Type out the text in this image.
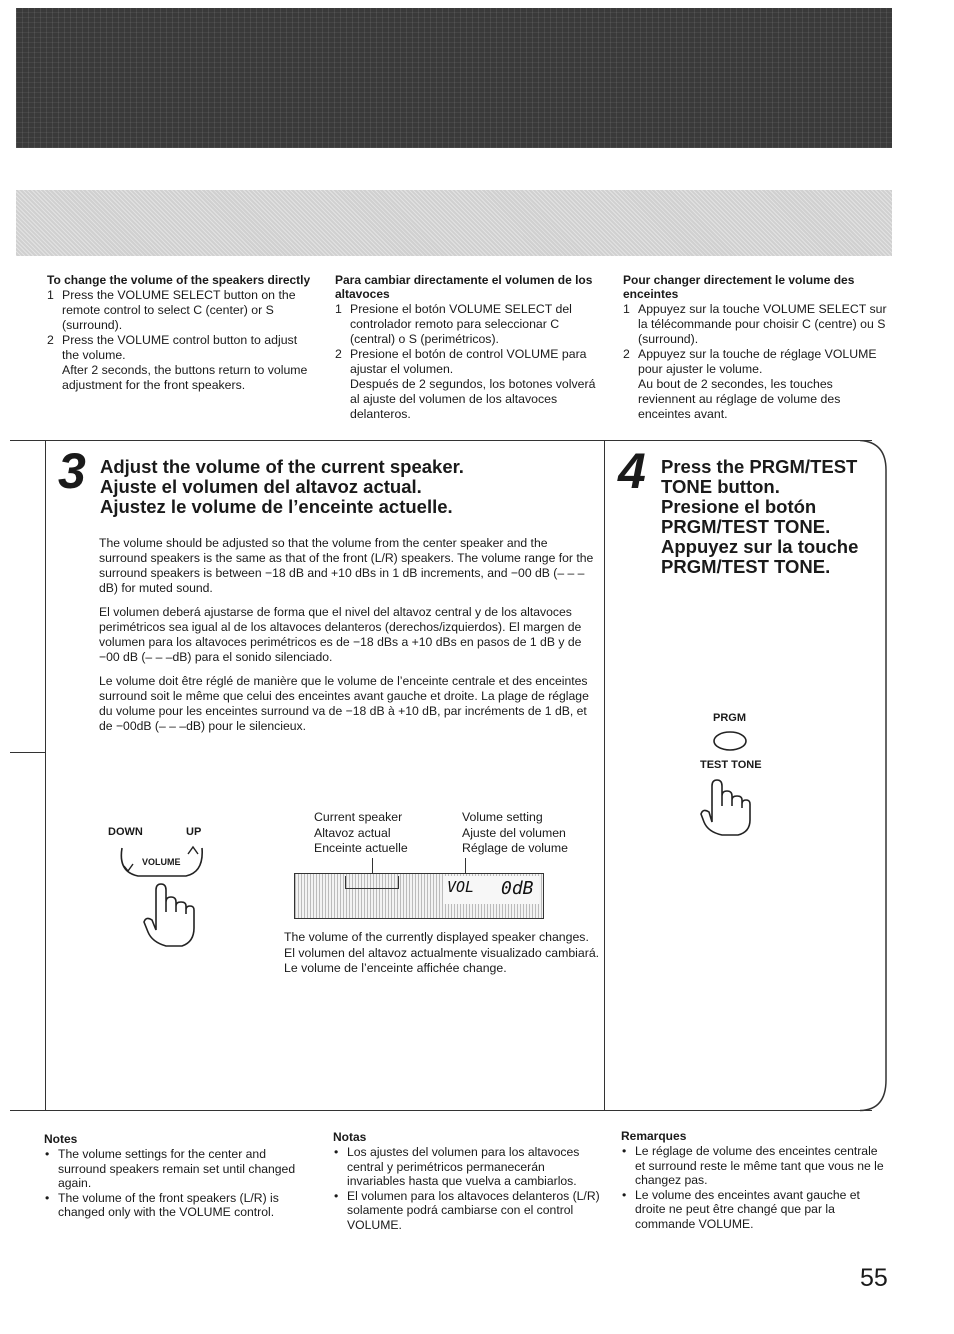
To change the volume of the speakers directly
1 Press the VOLUME SELECT button on the remote control to select C (center) or S (surround).
2 Press the VOLUME control button to adjust the volume.
After 2 seconds, the buttons return to volume adjustment for the front speakers.
Para cambiar directamente el volumen de los altavoces
1 Presione el botón VOLUME SELECT del controlador remoto para seleccionar C (central) o S (perimétricos).
2 Presione el botón de control VOLUME para ajustar el volumen.
Después de 2 segundos, los botones volverá al ajuste del volumen de los altavoces delanteros.
Pour changer directement le volume des enceintes
1 Appuyez sur la touche VOLUME SELECT sur la télécommande pour choisir C (centre) ou S (surround).
2 Appuyez sur la touche de réglage VOLUME pour ajuster le volume.
Au bout de 2 secondes, les touches reviennent au réglage de volume des enceintes avant.
3 Adjust the volume of the current speaker.
Ajuste el volumen del altavoz actual.
Ajustez le volume de l’enceinte actuelle.

The volume should be adjusted so that the volume from the center speaker and the surround speakers is the same as that of the front (L/R) speakers. The volume range for the surround speakers is between −18 dB and +10 dBs in 1 dB increments, and −00 dB (– – –dB) for muted sound.

El volumen deberá ajustarse de forma que el nivel del altavoz central y de los altavoces perimétricos sea igual al de los altavoces delanteros (derechos/izquierdos). El margen de volumen para los altavoces perimétricos es de −18 dBs a +10 dBs en pasos de 1 dB y de −00 dB (– – –dB) para el sonido silenciado.

Le volume doit être réglé de manière que le volume de l’enceinte centrale et des enceintes surround soit le même que celui des enceintes avant gauche et droite. La plage de réglage du volume pour les enceintes surround va de −18 dB à +10 dB, par incréments de 1 dB, et de −00dB (– – –dB) pour le silencieux.

DOWN	UP
VOLUME
Current speaker
Altavoz actual
Enceinte actuelle
Volume setting
Ajuste del volumen
Réglage de volume
VOL 0dB
The volume of the currently displayed speaker changes.
El volumen del altavoz actualmente visualizado cambiará.
Le volume de l’enceinte affichée change.
4 Press the PRGM/TEST TONE button.
Presione el botón PRGM/TEST TONE.
Appuyez sur la touche PRGM/TEST TONE.
PRGM
TEST TONE
Notes
• The volume settings for the center and surround speakers remain set until changed again.
• The volume of the front speakers (L/R) is changed only with the VOLUME control.
Notas
• Los ajustes del volumen para los altavoces central y perimétricos permanecerán invariables hasta que vuelva a cambiarlos.
• El volumen para los altavoces delanteros (L/R) solamente podrá cambiarse con el control VOLUME.
Remarques
• Le réglage de volume des enceintes centrale et surround reste le même tant que vous ne le changez pas.
• Le volume des enceintes avant gauche et droite ne peut être changé que par la commande VOLUME.
55
